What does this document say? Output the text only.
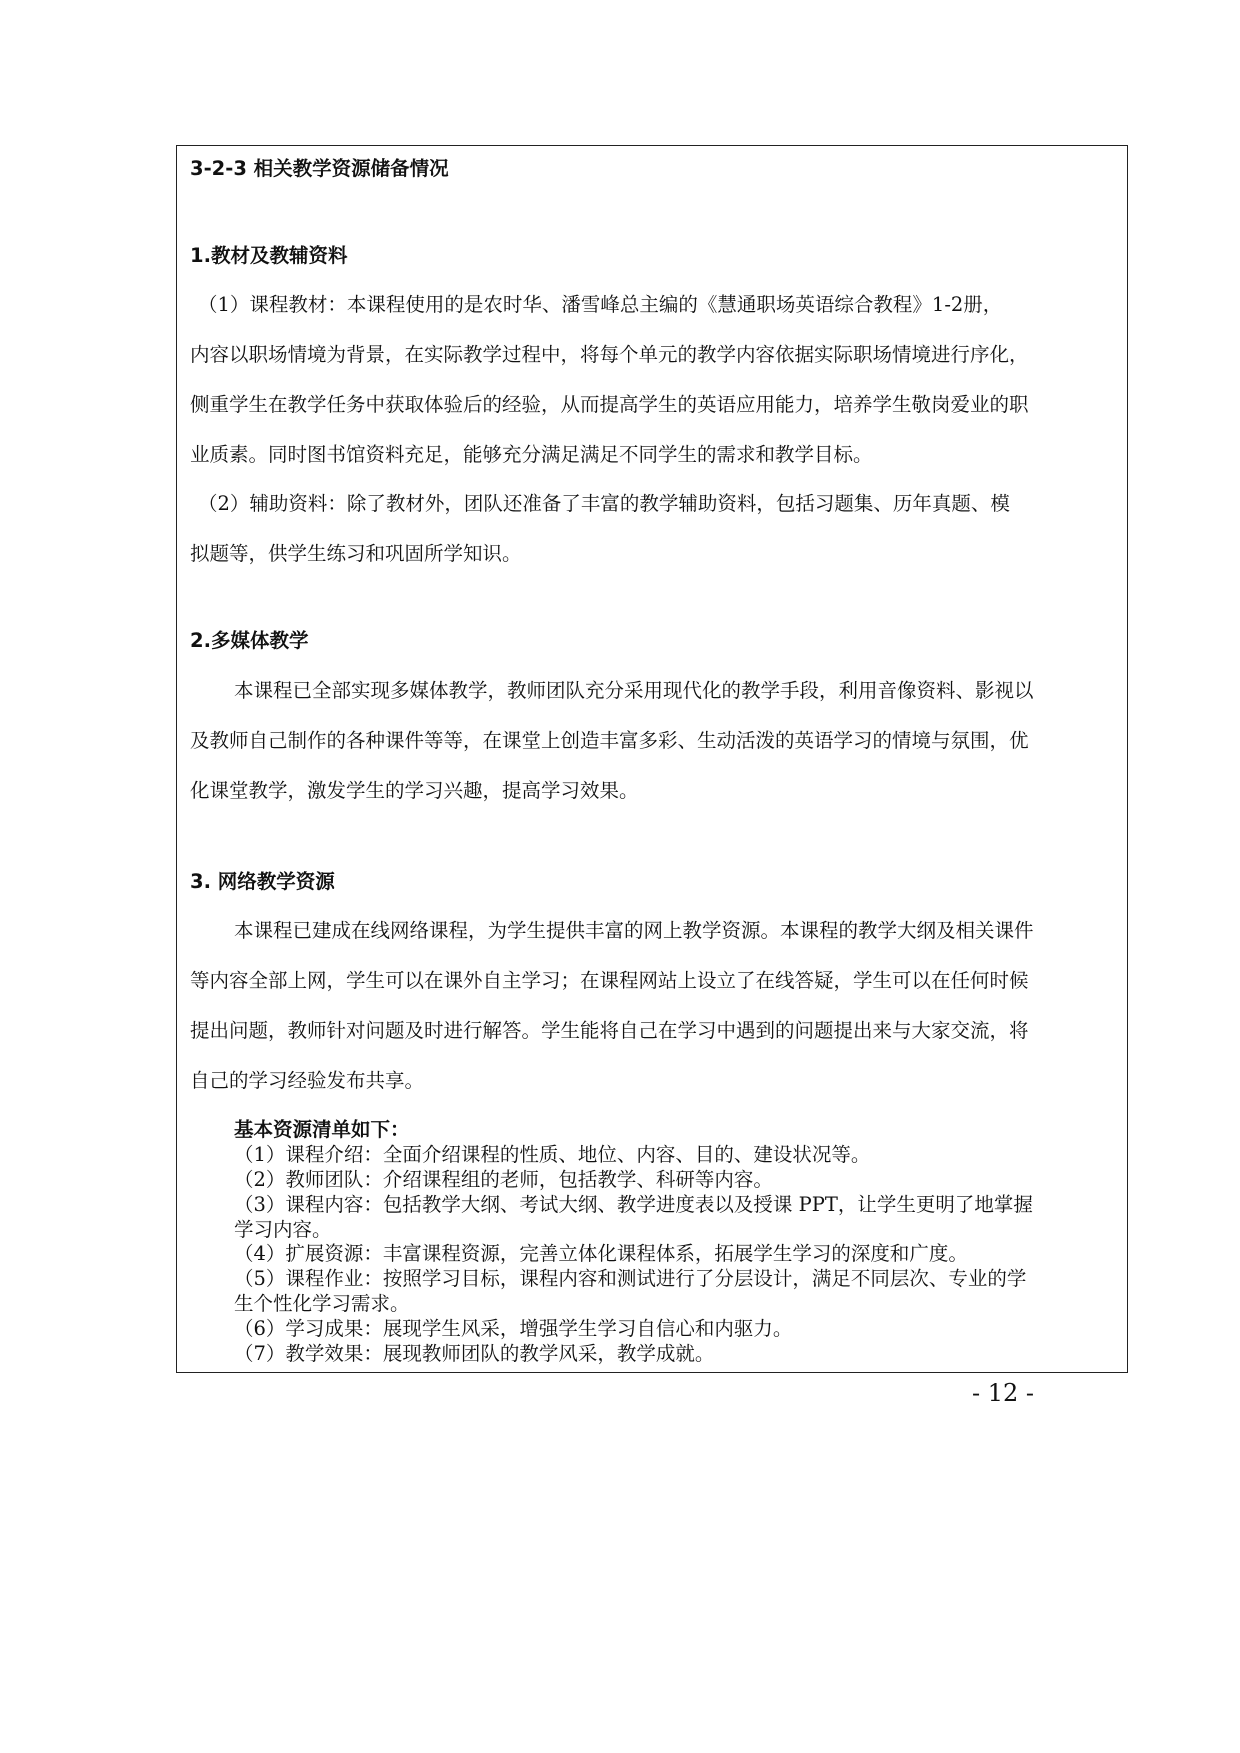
3-2-3 相关教学资源储备情况
1.教材及教辅资料
（1）课程教材：本课程使用的是农时华、潘雪峰总主编的《慧通职场英语综合教程》1-2册，
内容以职场情境为背景，在实际教学过程中，将每个单元的教学内容依据实际职场情境进行序化，
侧重学生在教学任务中获取体验后的经验，从而提高学生的英语应用能力，培养学生敬岗爱业的职
业质素。同时图书馆资料充足，能够充分满足满足不同学生的需求和教学目标。
（2）辅助资料：除了教材外，团队还准备了丰富的教学辅助资料，包括习题集、历年真题、模
拟题等，供学生练习和巩固所学知识。
2.多媒体教学
本课程已全部实现多媒体教学，教师团队充分采用现代化的教学手段，利用音像资料、影视以
及教师自己制作的各种课件等等，在课堂上创造丰富多彩、生动活泼的英语学习的情境与氛围，优
化课堂教学，激发学生的学习兴趣，提高学习效果。
3. 网络教学资源
本课程已建成在线网络课程，为学生提供丰富的网上教学资源。本课程的教学大纲及相关课件
等内容全部上网，学生可以在课外自主学习；在课程网站上设立了在线答疑，学生可以在任何时候
提出问题，教师针对问题及时进行解答。学生能将自己在学习中遇到的问题提出来与大家交流，将
自己的学习经验发布共享。
基本资源清单如下：
（1）课程介绍：全面介绍课程的性质、地位、内容、目的、建设状况等。
（2）教师团队：介绍课程组的老师，包括教学、科研等内容。
（3）课程内容：包括教学大纲、考试大纲、教学进度表以及授课 PPT，让学生更明了地掌握
学习内容。
（4）扩展资源：丰富课程资源，完善立体化课程体系，拓展学生学习的深度和广度。
（5）课程作业：按照学习目标，课程内容和测试进行了分层设计，满足不同层次、专业的学
生个性化学习需求。
（6）学习成果：展现学生风采，增强学生学习自信心和内驱力。
（7）教学效果：展现教师团队的教学风采，教学成就。
- 12 -
